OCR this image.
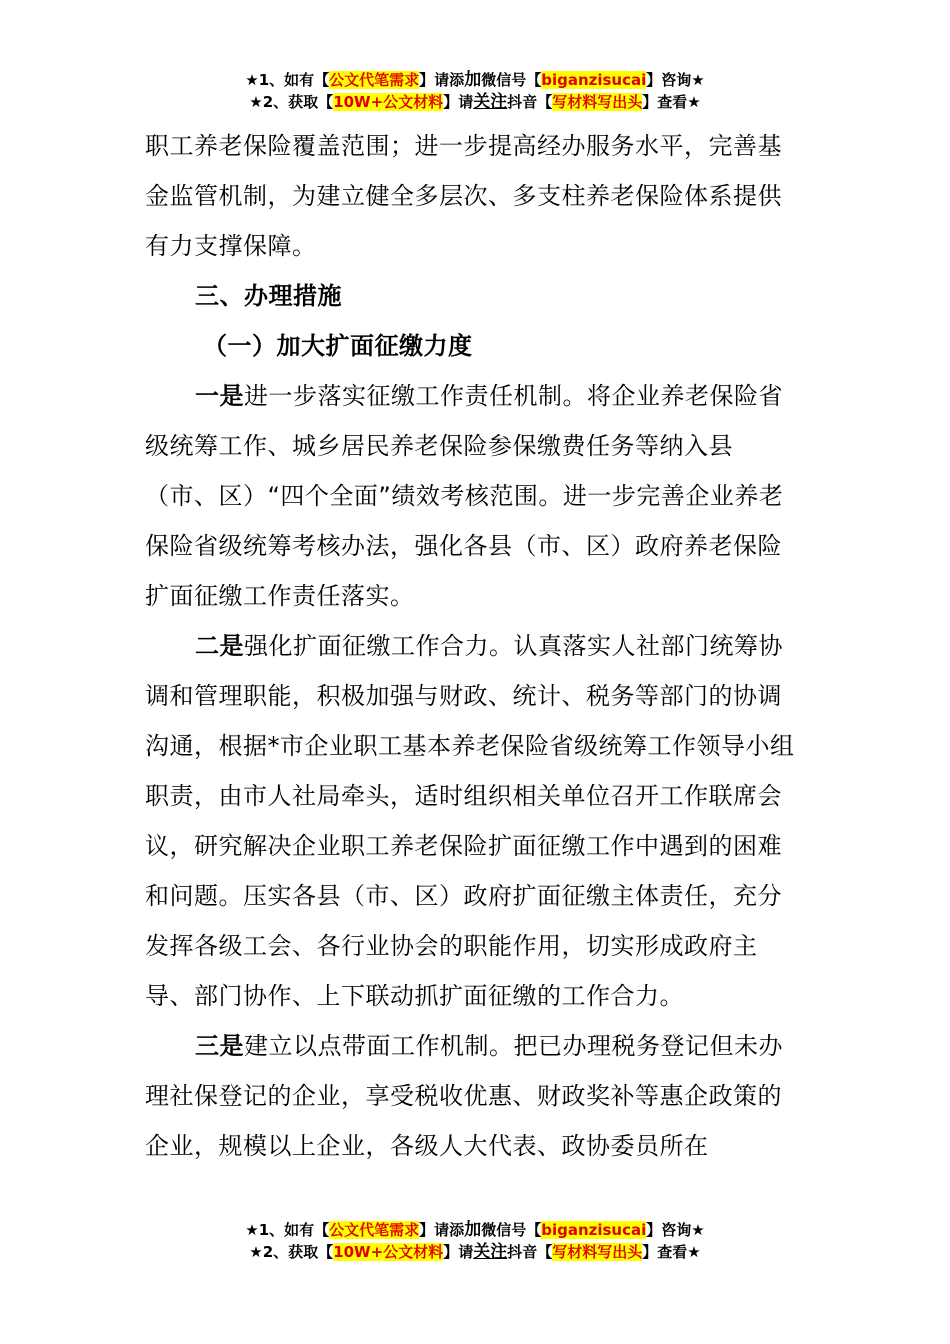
★1、如有【公文代笔需求】请添加微信号【biganzisucai】咨询★
★2、获取【10W+公文材料】请关注抖音【写材料写出头】查看★

职工养老保险覆盖范围；进一步提高经办服务水平，完善基金监管机制，为建立健全多层次、多支柱养老保险体系提供有力支撑保障。

三、办理措施

（一）加大扩面征缴力度

一是进一步落实征缴工作责任机制。将企业养老保险省级统筹工作、城乡居民养老保险参保缴费任务等纳入县（市、区）“四个全面”绩效考核范围。进一步完善企业养老保险省级统筹考核办法，强化各县（市、区）政府养老保险扩面征缴工作责任落实。

二是强化扩面征缴工作合力。认真落实人社部门统筹协调和管理职能，积极加强与财政、统计、税务等部门的协调沟通，根据*市企业职工基本养老保险省级统筹工作领导小组职责，由市人社局牵头，适时组织相关单位召开工作联席会议，研究解决企业职工养老保险扩面征缴工作中遇到的困难和问题。压实各县（市、区）政府扩面征缴主体责任，充分发挥各级工会、各行业协会的职能作用，切实形成政府主导、部门协作、上下联动抓扩面征缴的工作合力。

三是建立以点带面工作机制。把已办理税务登记但未办理社保登记的企业，享受税收优惠、财政奖补等惠企政策的企业，规模以上企业，各级人大代表、政协委员所在

★1、如有【公文代笔需求】请添加微信号【biganzisucai】咨询★
★2、获取【10W+公文材料】请关注抖音【写材料写出头】查看★
